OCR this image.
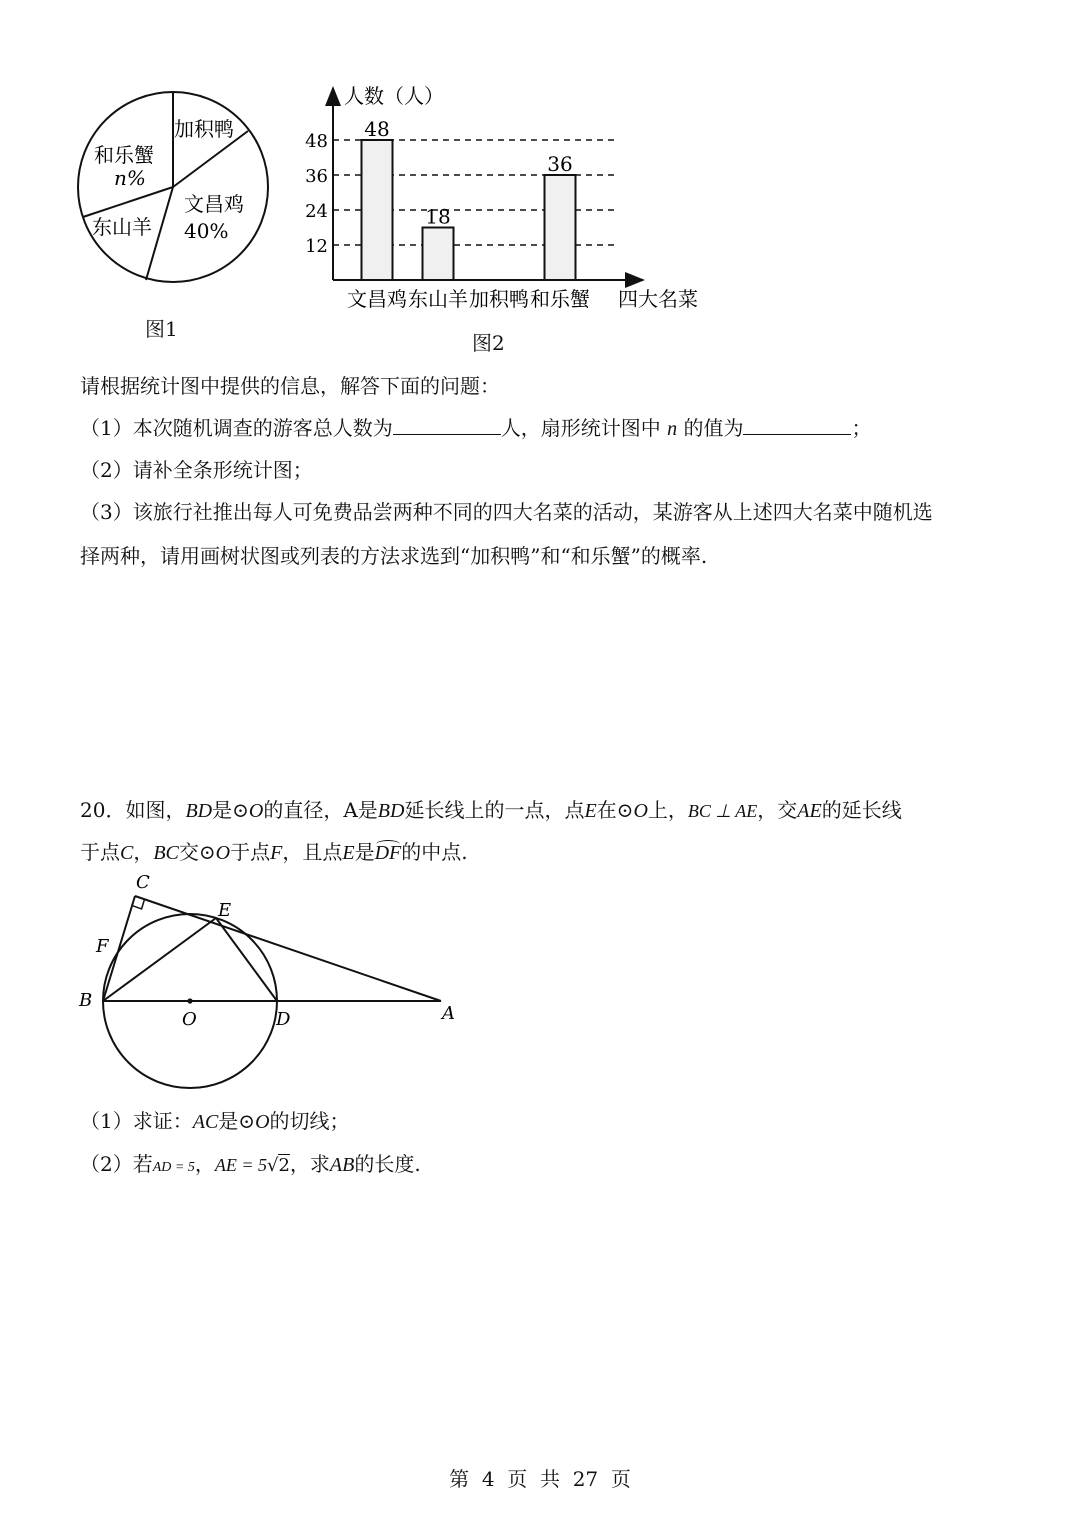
加积鸭
文昌鸡
40%
东山羊
和乐蟹
n%
图1
48
18
36
人数（人）
12
24
36
48
文昌鸡 东山羊 加积鸭 和乐蟹 四大名菜
图2
请根据统计图中提供的信息，解答下面的问题：
（1）本次随机调查的游客总人数为	人，扇形统计图中 n 的值为	；
（2）请补全条形统计图；
（3）该旅行社推出每人可免费品尝两种不同的四大名菜的活动，某游客从上述四大名菜中随机选
择两种，请用画树状图或列表的方法求选到“加积鸭”和“和乐蟹”的概率.
20．如图，BD是⊙O的直径，A是BD延长线上的一点，点E在⊙O上，BC ⊥ AE，交AE的延长线
于点C，BC交⊙O于点F，且点E是DF的中点.
C
E
F
B
O	D	A
（1）求证：AC是⊙O的切线；
（2）若AD = 5，AE = 5√2，求AB的长度.
第  4  页  共  27  页
